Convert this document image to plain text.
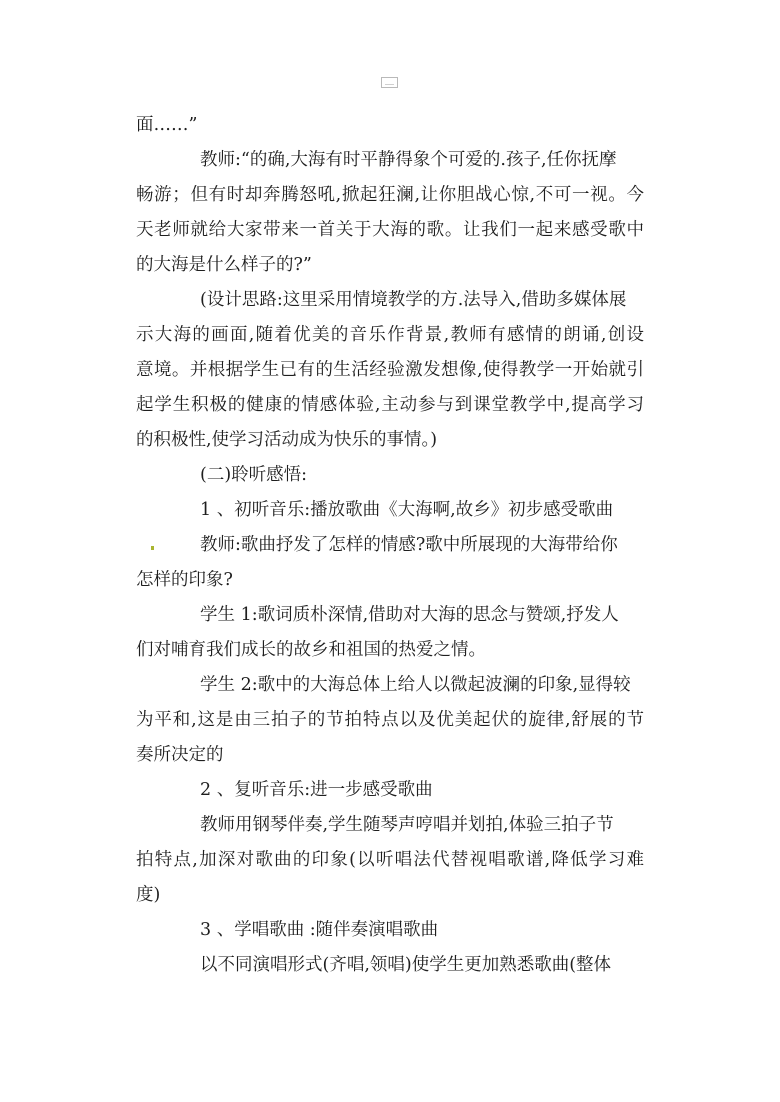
面……”
教师:“的确,大海有时平静得象个可爱的.孩子,任你抚摩
畅游；但有时却奔腾怒吼,掀起狂澜,让你胆战心惊,不可一视。今
天老师就给大家带来一首关于大海的歌。让我们一起来感受歌中
的大海是什么样子的?”
(设计思路:这里采用情境教学的方.法导入,借助多媒体展
示大海的画面,随着优美的音乐作背景,教师有感情的朗诵,创设
意境。并根据学生已有的生活经验激发想像,使得教学一开始就引
起学生积极的健康的情感体验,主动参与到课堂教学中,提高学习
的积极性,使学习活动成为快乐的事情。)
(二)聆听感悟:
1 、初听音乐:播放歌曲《大海啊,故乡》初步感受歌曲
教师:歌曲抒发了怎样的情感?歌中所展现的大海带给你
怎样的印象?
学生 1:歌词质朴深情,借助对大海的思念与赞颂,抒发人
们对哺育我们成长的故乡和祖国的热爱之情。
学生 2:歌中的大海总体上给人以微起波澜的印象,显得较
为平和,这是由三拍子的节拍特点以及优美起伏的旋律,舒展的节
奏所决定的
2 、复听音乐:进一步感受歌曲
教师用钢琴伴奏,学生随琴声哼唱并划拍,体验三拍子节
拍特点,加深对歌曲的印象(以听唱法代替视唱歌谱,降低学习难
度)
3 、学唱歌曲 :随伴奏演唱歌曲
以不同演唱形式(齐唱,领唱)使学生更加熟悉歌曲(整体
